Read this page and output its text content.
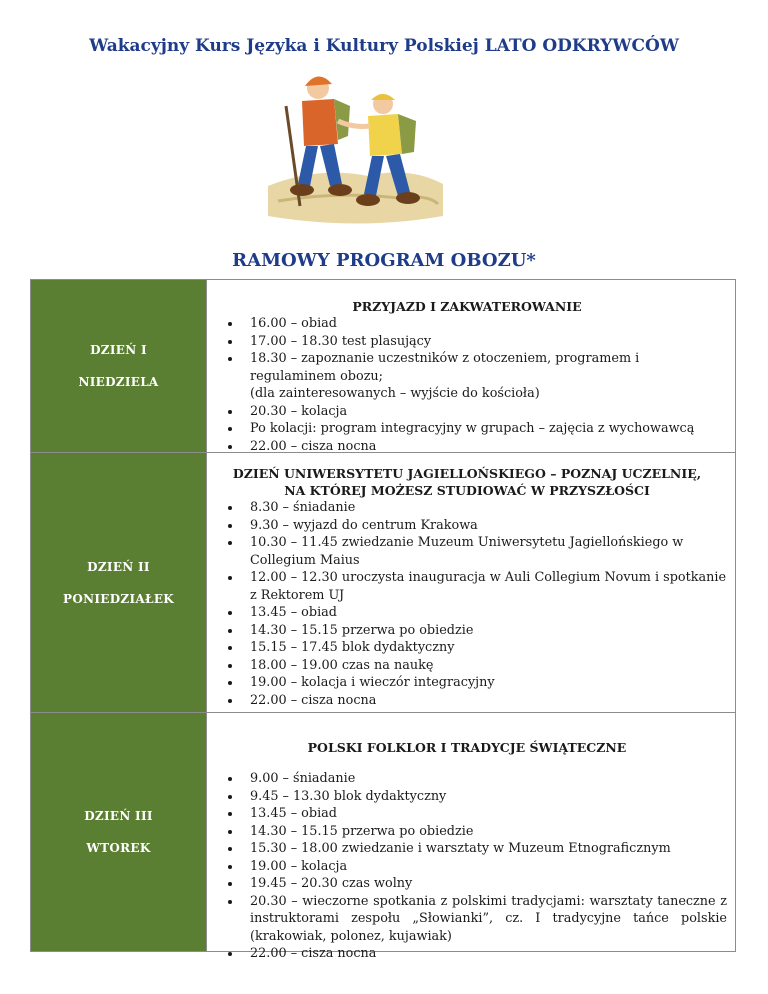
Wakacyjny Kurs Języka i Kultury Polskiej LATO ODKRYWCÓW
RAMOWY PROGRAM OBOZU*
DZIEŃ I
NIEDZIELA
PRZYJAZD I ZAKWATEROWANIE
• 16.00 – obiad
• 17.00 – 18.30 test plasujący
• 18.30 – zapoznanie uczestników z otoczeniem, programem i regulaminem obozu;
(dla zainteresowanych – wyjście do kościoła)
• 20.30 – kolacja
• Po kolacji: program integracyjny w grupach – zajęcia z wychowawcą
• 22.00 – cisza nocna
DZIEŃ II
PONIEDZIAŁEK
DZIEŃ UNIWERSYTETU JAGIELLOŃSKIEGO – POZNAJ UCZELNIĘ,
NA KTÓREJ MOŻESZ STUDIOWAĆ W PRZYSZŁOŚCI
• 8.30 – śniadanie
• 9.30 – wyjazd do centrum Krakowa
• 10.30 – 11.45 zwiedzanie Muzeum Uniwersytetu Jagiellońskiego w Collegium Maius
• 12.00 – 12.30 uroczysta inauguracja w Auli Collegium Novum i spotkanie z Rektorem UJ
• 13.45 – obiad
• 14.30 – 15.15 przerwa po obiedzie
• 15.15 – 17.45 blok dydaktyczny
• 18.00 – 19.00 czas na naukę
• 19.00 – kolacja i wieczór integracyjny
• 22.00 – cisza nocna
DZIEŃ III
WTOREK
POLSKI FOLKLOR I TRADYCJE ŚWIĄTECZNE
• 9.00 – śniadanie
• 9.45 – 13.30 blok dydaktyczny
• 13.45 – obiad
• 14.30 – 15.15 przerwa po obiedzie
• 15.30 – 18.00 zwiedzanie i warsztaty w Muzeum Etnograficznym
• 19.00 – kolacja
• 19.45 – 20.30 czas wolny
• 20.30 – wieczorne spotkania z polskimi tradycjami: warsztaty taneczne z instruktorami zespołu „Słowianki”, cz. I tradycyjne tańce polskie (krakowiak, polonez, kujawiak)
• 22.00 – cisza nocna
